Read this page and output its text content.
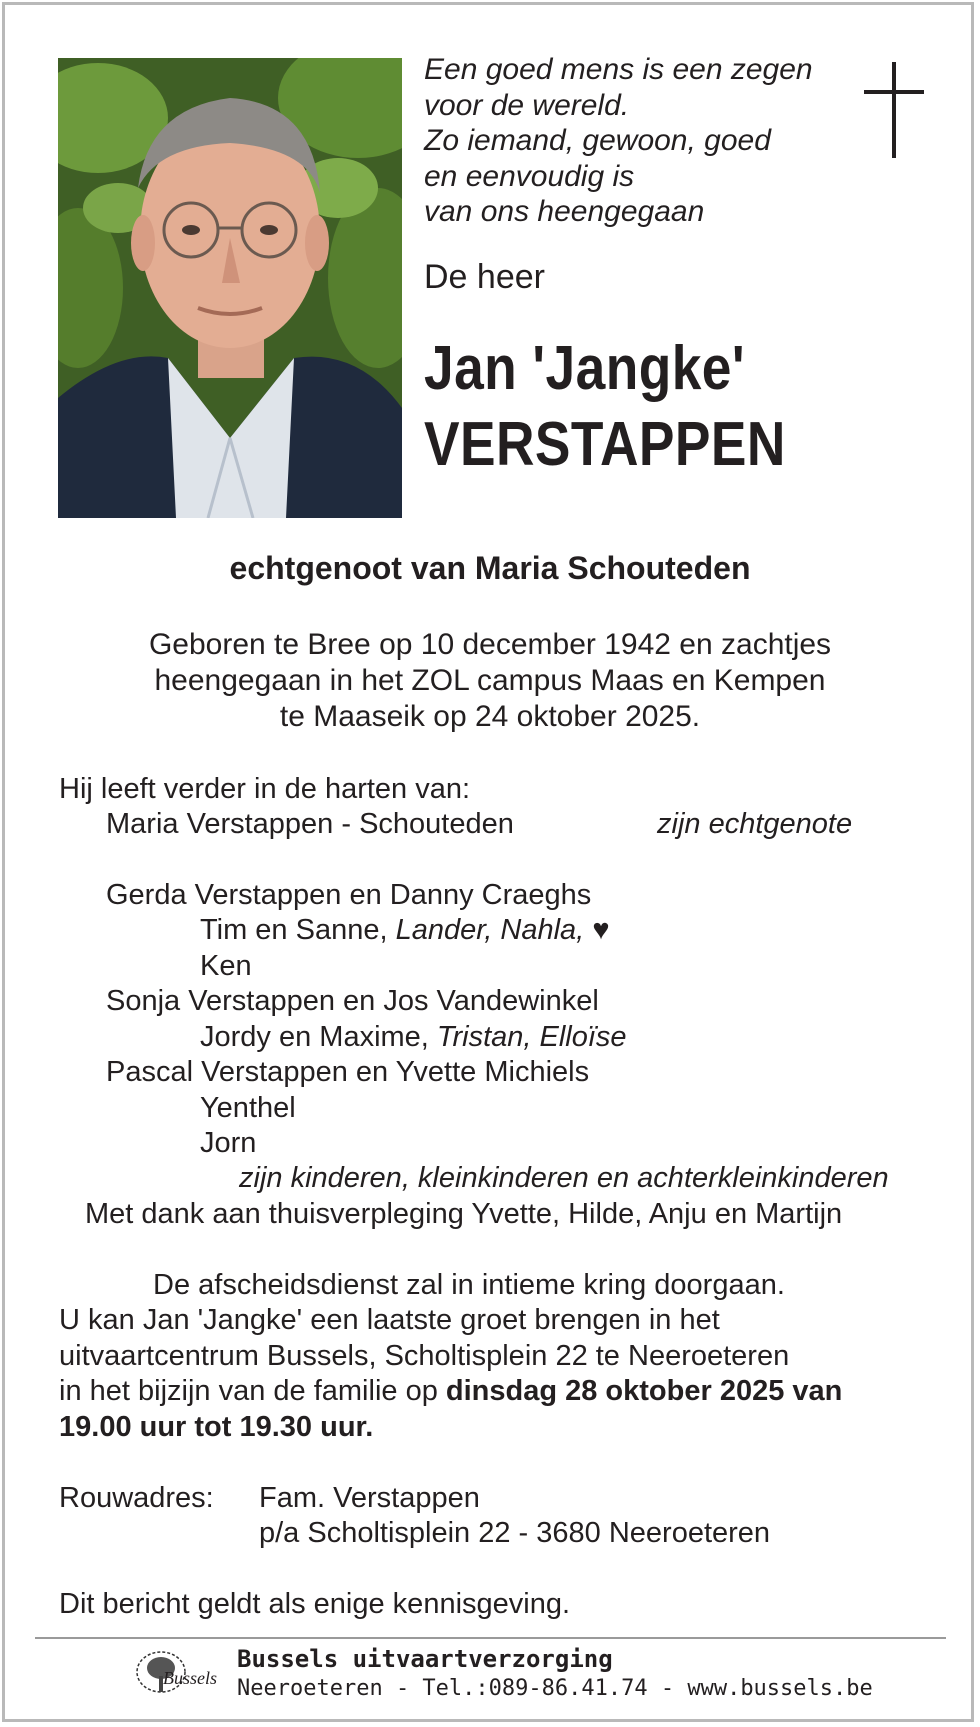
Een goed mens is een zegen
voor de wereld.
Zo iemand, gewoon, goed
en eenvoudig is
van ons heengegaan
De heer
Jan 'Jangke'
VERSTAPPEN
echtgenoot van Maria Schouteden
Geboren te Bree op 10 december 1942 en zachtjes
heengegaan in het ZOL campus Maas en Kempen
te Maaseik op 24 oktober 2025.
Hij leeft verder in de harten van:
Maria Verstappen - Schouteden	zijn echtgenote
Gerda Verstappen en Danny Craeghs
Tim en Sanne, Lander, Nahla, ♥
Ken
Sonja Verstappen en Jos Vandewinkel
Jordy en Maxime, Tristan, Elloïse
Pascal Verstappen en Yvette Michiels
Yenthel
Jorn
zijn kinderen, kleinkinderen en achterkleinkinderen
Met dank aan thuisverpleging Yvette, Hilde, Anju en Martijn
De afscheidsdienst zal in intieme kring doorgaan.
U kan Jan 'Jangke' een laatste groet brengen in het
uitvaartcentrum Bussels, Scholtisplein 22 te Neeroeteren
in het bijzijn van de familie op dinsdag 28 oktober 2025 van
19.00 uur tot 19.30 uur.
Rouwadres: Fam. Verstappen
p/a Scholtisplein 22 - 3680 Neeroeteren
Dit bericht geldt als enige kennisgeving.
Bussels
Bussels uitvaartverzorging
Neeroeteren - Tel.:089-86.41.74 - www.bussels.be
